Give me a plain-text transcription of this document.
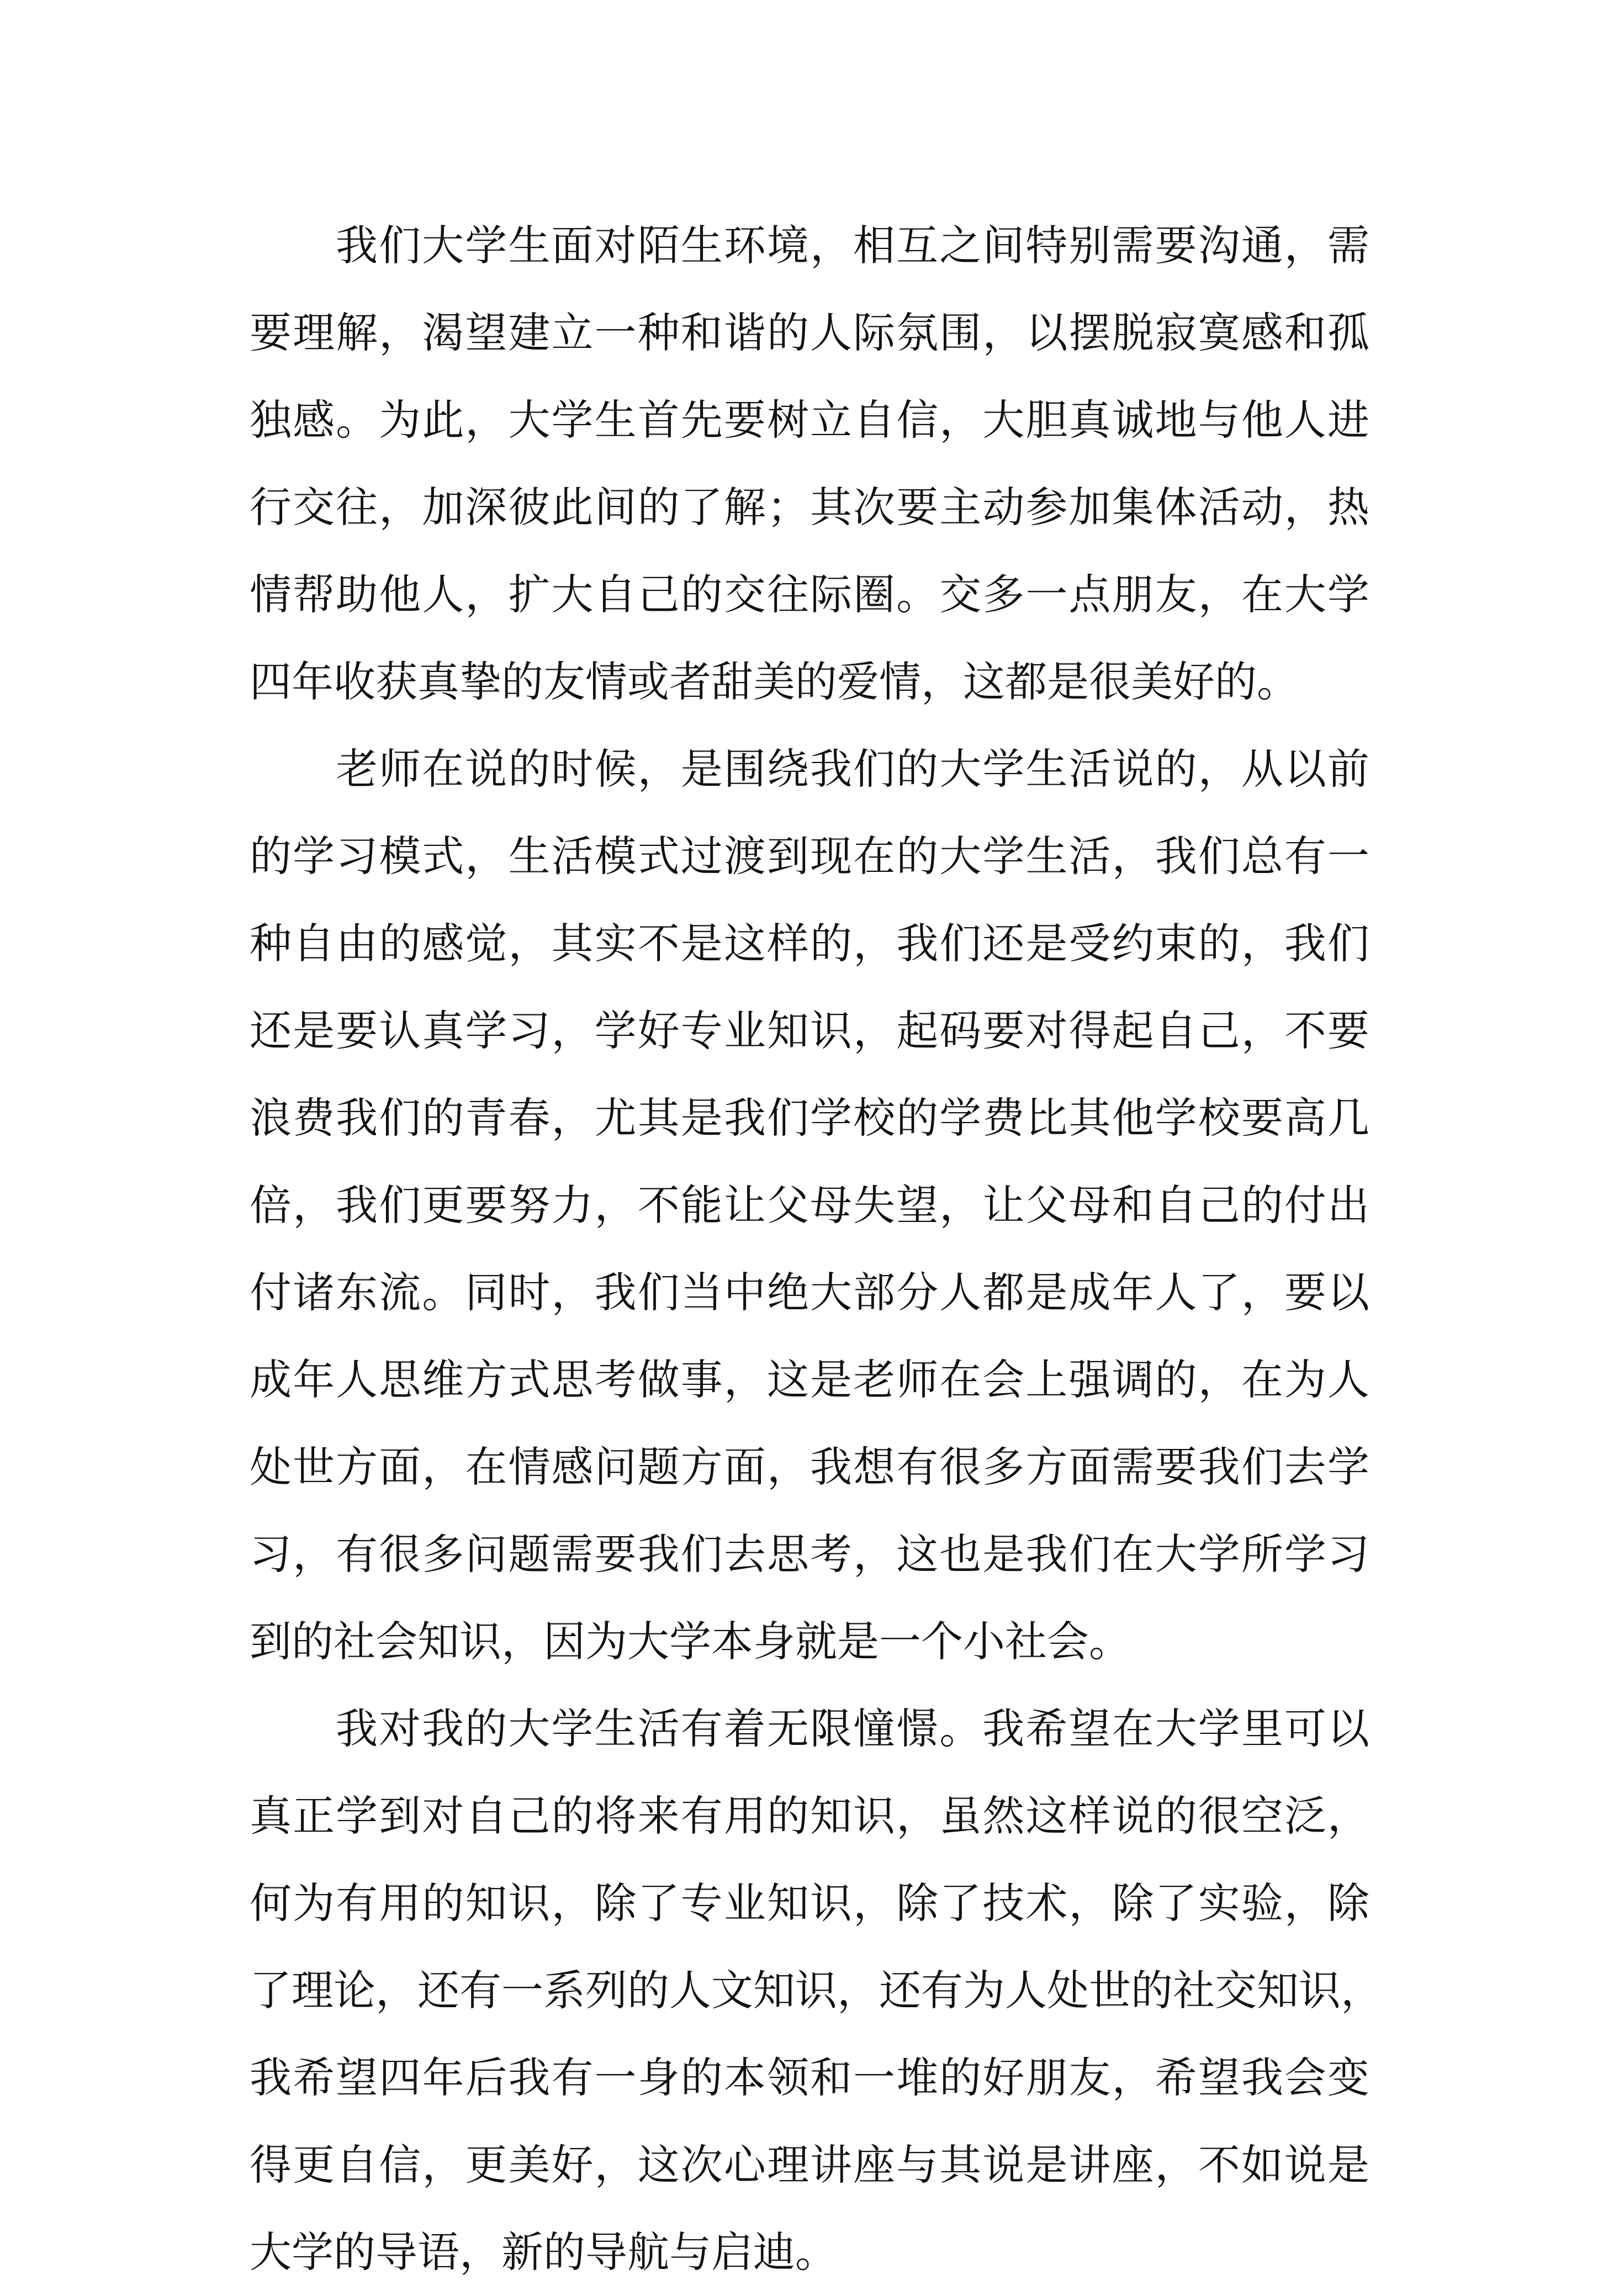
我们大学生面对陌生环境，相互之间特别需要沟通，需
要理解，渴望建立一种和谐的人际氛围，以摆脱寂寞感和孤
独感。为此，大学生首先要树立自信，大胆真诚地与他人进
行交往，加深彼此间的了解；其次要主动参加集体活动，热
情帮助他人，扩大自己的交往际圈。交多一点朋友，在大学
四年收获真挚的友情或者甜美的爱情，这都是很美好的。
老师在说的时候，是围绕我们的大学生活说的，从以前
的学习模式，生活模式过渡到现在的大学生活，我们总有一
种自由的感觉，其实不是这样的，我们还是受约束的，我们
还是要认真学习，学好专业知识，起码要对得起自己，不要
浪费我们的青春，尤其是我们学校的学费比其他学校要高几
倍，我们更要努力，不能让父母失望，让父母和自己的付出
付诸东流。同时，我们当中绝大部分人都是成年人了，要以
成年人思维方式思考做事，这是老师在会上强调的，在为人
处世方面，在情感问题方面，我想有很多方面需要我们去学
习，有很多问题需要我们去思考，这也是我们在大学所学习
到的社会知识，因为大学本身就是一个小社会。
我对我的大学生活有着无限憧憬。我希望在大学里可以
真正学到对自己的将来有用的知识，虽然这样说的很空泛，
何为有用的知识，除了专业知识，除了技术，除了实验，除
了理论，还有一系列的人文知识，还有为人处世的社交知识，
我希望四年后我有一身的本领和一堆的好朋友，希望我会变
得更自信，更美好，这次心理讲座与其说是讲座，不如说是
大学的导语，新的导航与启迪。
